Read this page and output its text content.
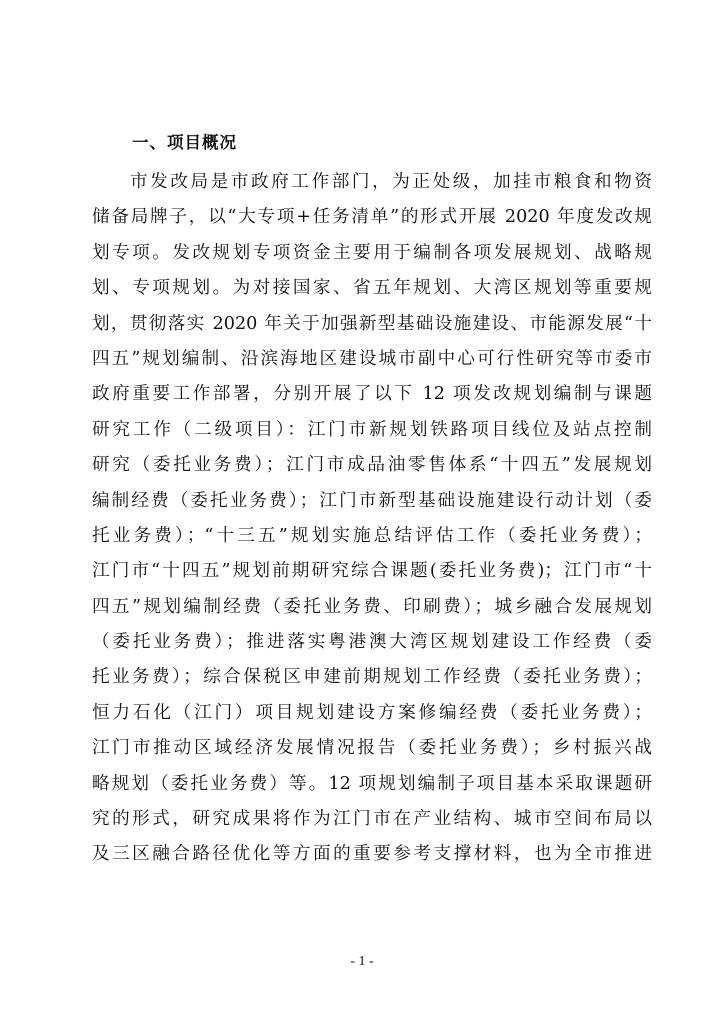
一、项目概况
市发改局是市政府工作部门，为正处级，加挂市粮食和物资
储备局牌子，以“大专项+任务清单”的形式开展 2020 年度发改规
划专项。发改规划专项资金主要用于编制各项发展规划、战略规
划、专项规划。为对接国家、省五年规划、大湾区规划等重要规
划，贯彻落实 2020 年关于加强新型基础设施建设、市能源发展“十
四五”规划编制、沿滨海地区建设城市副中心可行性研究等市委市
政府重要工作部署，分别开展了以下 12 项发改规划编制与课题
研究工作（二级项目）：江门市新规划铁路项目线位及站点控制
研究（委托业务费）；江门市成品油零售体系“十四五”发展规划
编制经费（委托业务费）；江门市新型基础设施建设行动计划（委
托业务费）；“十三五”规划实施总结评估工作（委托业务费）；
江门市“十四五”规划前期研究综合课题(委托业务费)；江门市“十
四五”规划编制经费（委托业务费、印刷费）；城乡融合发展规划
（委托业务费）；推进落实粤港澳大湾区规划建设工作经费（委
托业务费）；综合保税区申建前期规划工作经费（委托业务费）；
恒力石化（江门）项目规划建设方案修编经费（委托业务费）；
江门市推动区域经济发展情况报告（委托业务费）；乡村振兴战
略规划（委托业务费）等。12 项规划编制子项目基本采取课题研
究的形式，研究成果将作为江门市在产业结构、城市空间布局以
及三区融合路径优化等方面的重要参考支撑材料，也为全市推进
- 1 -
